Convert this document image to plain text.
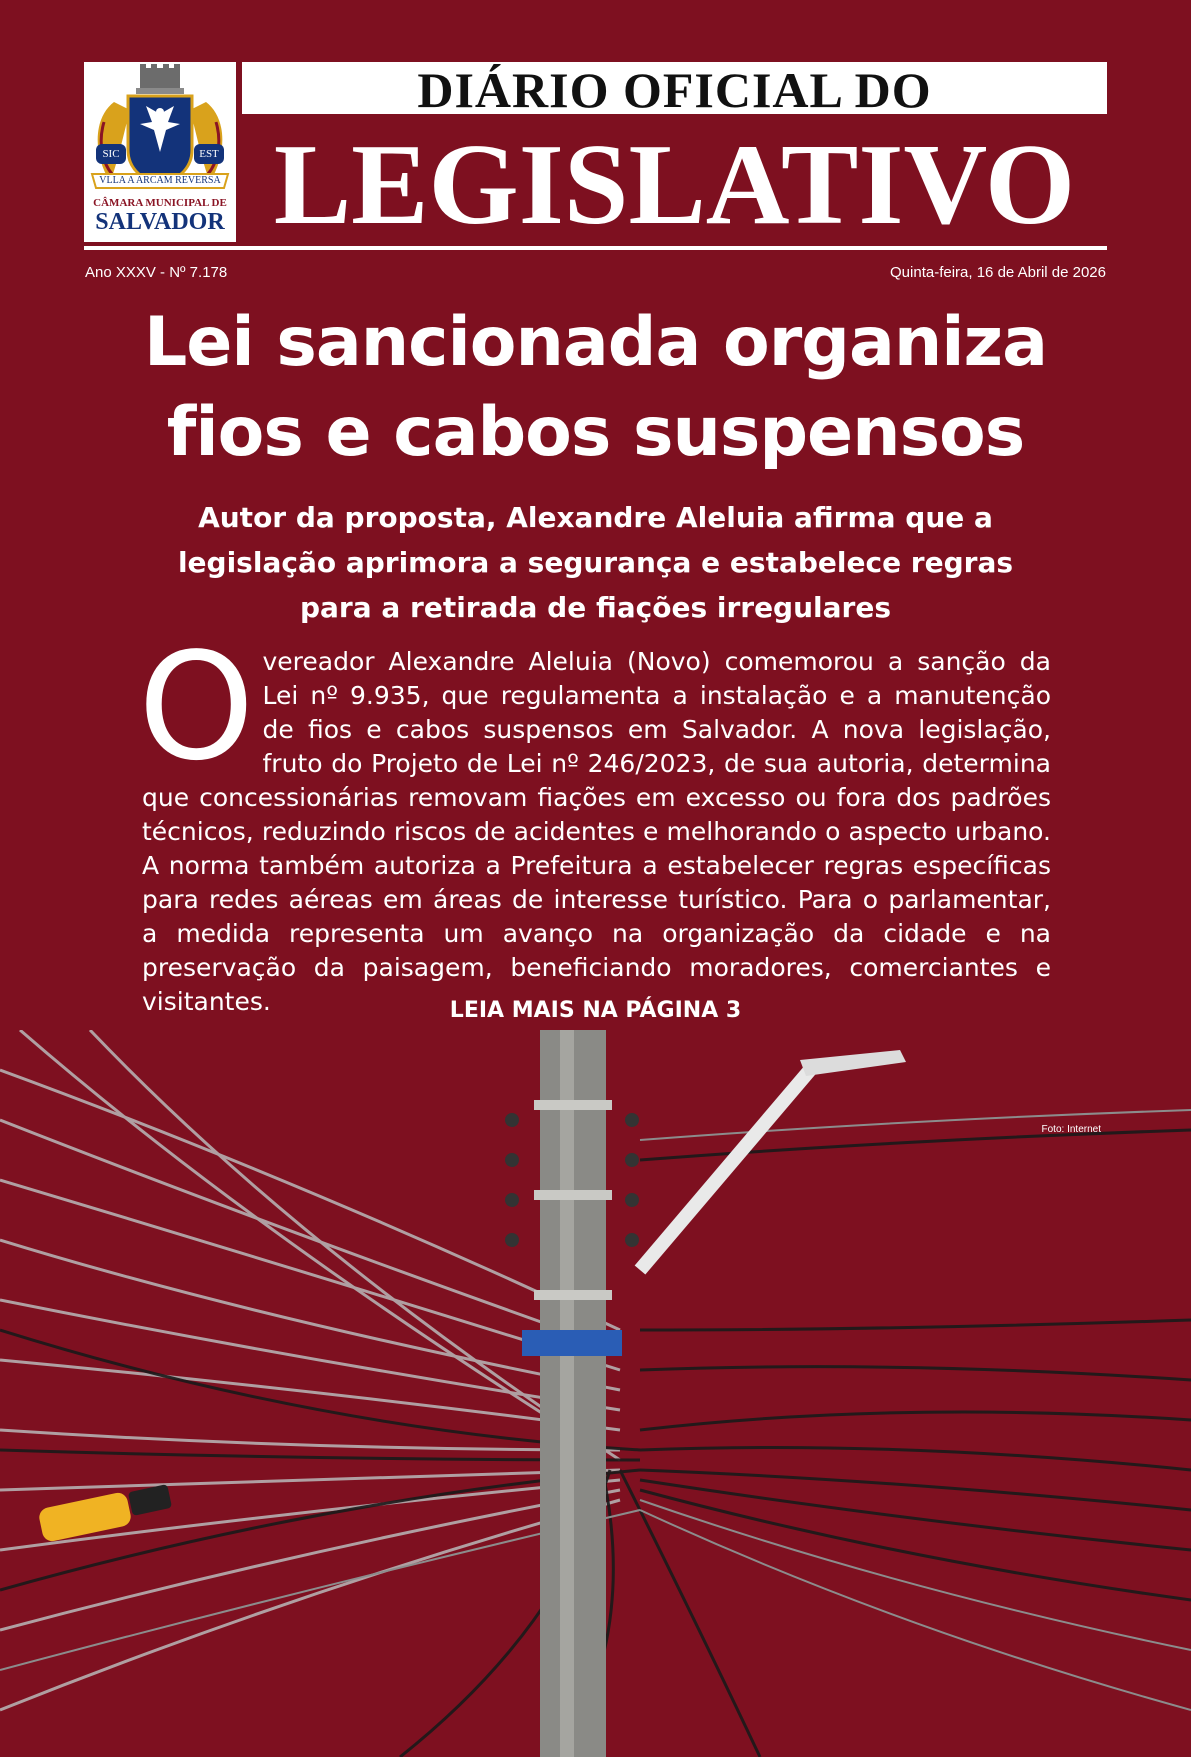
SIC	EST
VLLA A ARCAM REVERSA
CÂMARA MUNICIPAL DE
SALVADOR
DIÁRIO OFICIAL DO
LEGISLATIVO
Ano XXXV - Nº 7.178	Quinta-feira, 16 de Abril de 2026
Lei sancionada organiza fios e cabos suspensos
Autor da proposta, Alexandre Aleluia afirma que a legislação aprimora a segurança e estabelece regras para a retirada de fiações irregulares
O vereador Alexandre Aleluia (Novo) comemorou a sanção da Lei nº 9.935, que regulamenta a instalação e a manutenção de fios e cabos suspensos em Salvador. A nova legislação, fruto do Projeto de Lei nº 246/2023, de sua autoria, determina que concessionárias removam fiações em excesso ou fora dos padrões técnicos, reduzindo riscos de acidentes e melhorando o aspecto urbano. A norma também autoriza a Prefeitura a estabelecer regras específicas para redes aéreas em áreas de interesse turístico. Para o parlamentar, a medida representa um avanço na organização da cidade e na preservação da paisagem, beneficiando moradores, comerciantes e visitantes.	LEIA MAIS NA PÁGINA 3
Foto: Internet
